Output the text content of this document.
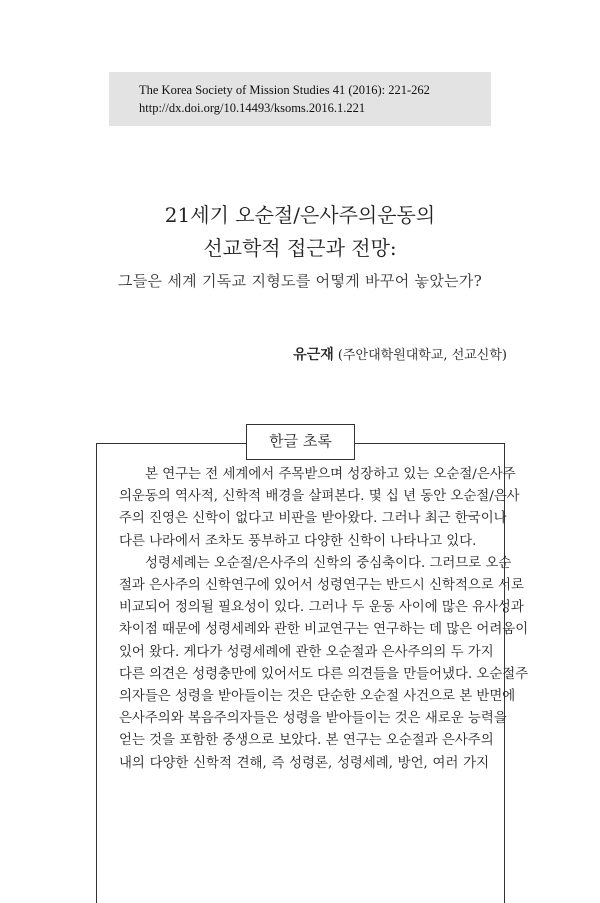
The Korea Society of Mission Studies 41 (2016): 221-262
http://dx.doi.org/10.14493/ksoms.2016.1.221
21세기 오순절/은사주의운동의
선교학적 접근과 전망:
그들은 세계 기독교 지형도를 어떻게 바꾸어 놓았는가?
유근재 (주안대학원대학교, 선교신학)
한글 초록

본 연구는 전 세계에서 주목받으며 성장하고 있는 오순절/은사주
의운동의 역사적, 신학적 배경을 살펴본다. 몇 십 년 동안 오순절/은사
주의 진영은 신학이 없다고 비판을 받아왔다. 그러나 최근 한국이나
다른 나라에서 조차도 풍부하고 다양한 신학이 나타나고 있다.

성령세례는 오순절/은사주의 신학의 중심축이다. 그러므로 오순
절과 은사주의 신학연구에 있어서 성령연구는 반드시 신학적으로 서로
비교되어 정의될 필요성이 있다. 그러나 두 운동 사이에 많은 유사성과
차이점 때문에 성령세례와 관한 비교연구는 연구하는 데 많은 어려움이
있어 왔다. 게다가 성령세례에 관한 오순절과 은사주의의 두 가지
다른 의견은 성령충만에 있어서도 다른 의견들을 만들어냈다. 오순절주
의자들은 성령을 받아들이는 것은 단순한 오순절 사건으로 본 반면에
은사주의와 복음주의자들은 성령을 받아들이는 것은 새로운 능력을
얻는 것을 포함한 중생으로 보았다. 본 연구는 오순절과 은사주의
내의 다양한 신학적 견해, 즉 성령론, 성령세례, 방언, 여러 가지
